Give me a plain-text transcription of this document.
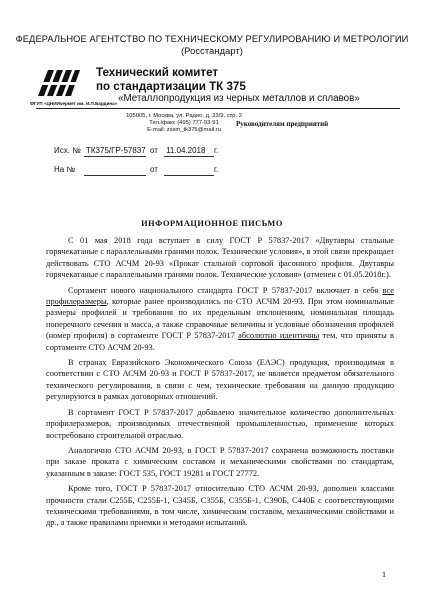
ФЕДЕРАЛЬНОЕ АГЕНТСТВО ПО ТЕХНИЧЕСКОМУ РЕГУЛИРОВАНИЮ И МЕТРОЛОГИИ
(Росстандарт)
ФГУП «ЦНИИчермет им. И.П.Бардина»
Технический комитет
по стандартизации ТК 375
«Металлопродукция из черных металлов и сплавов»
105005, г. Москва, ул. Радио, д. 23/9, стр. 2
Тел./факс (495) 777-93-91
E-mail: zssm_tk375@mail.ru
Руководителям предприятий
Исх. № ТК375/ГР-57837 от 11.04.2018 г.
На №	от	г.
ИНФОРМАЦИОННОЕ ПИСЬМО

С 01 мая 2018 года вступает в силу ГОСТ Р 57837-2017 «Двутавры стальные горячекатаные с параллельными гранями полок. Технические условия», в этой связи прекращает действовать СТО АСЧМ 20-93 «Прокат стальной сортовой фасонного профиля. Двутавры горячекатаные с параллельными гранями полок. Технические условия» (отменен с 01.05.2018г.).

Сортамент нового национального стандарта ГОСТ Р 57837-2017 включает в себя все профилеразмеры, которые ранее производились по СТО АСЧМ 20-93. При этом номинальные размеры профилей и требования по их предельным отклонениям, номинальная площадь поперечного сечения и масса, а также справочные величины и условные обозначения профилей (номер профиля) в сортаменте ГОСТ Р 57837-2017 абсолютно идентичны тем, что приняты в сортаменте СТО АСЧМ 20-93.

В странах Евразийского Экономического Союза (ЕАЭС) продукция, производимая в соответствии с СТО АСЧМ 20-93 и ГОСТ Р 57837-2017, не является предметом обязательного технического регулирования, в связи с чем, технические требования на данную продукцию регулируются в рамках договорных отношений.

В сортамент ГОСТ Р 57837-2017 добавлено значительное количество дополнительных профилеразмеров, производимых отечественной промышленностью, применение которых востребовано строительной отраслью.

Аналогично СТО АСЧМ 20-93, в ГОСТ Р 57837-2017 сохранена возможность поставки при заказе проката с химическим составом и механическими свойствами по стандартам, указанным в заказе: ГОСТ 535, ГОСТ 19281 и ГОСТ 27772.

Кроме того, ГОСТ Р 57837-2017 относительно СТО АСЧМ 20-93, дополнен классами прочности стали С255Б, С255Б-1, С345Б, С355Б, С355Б-1, С390Б, С440Б с соответствующими техническими требованиями, в том числе, химическим составом, механическими свойствами и др., а также правилами приемки и методами испытаний.

1
